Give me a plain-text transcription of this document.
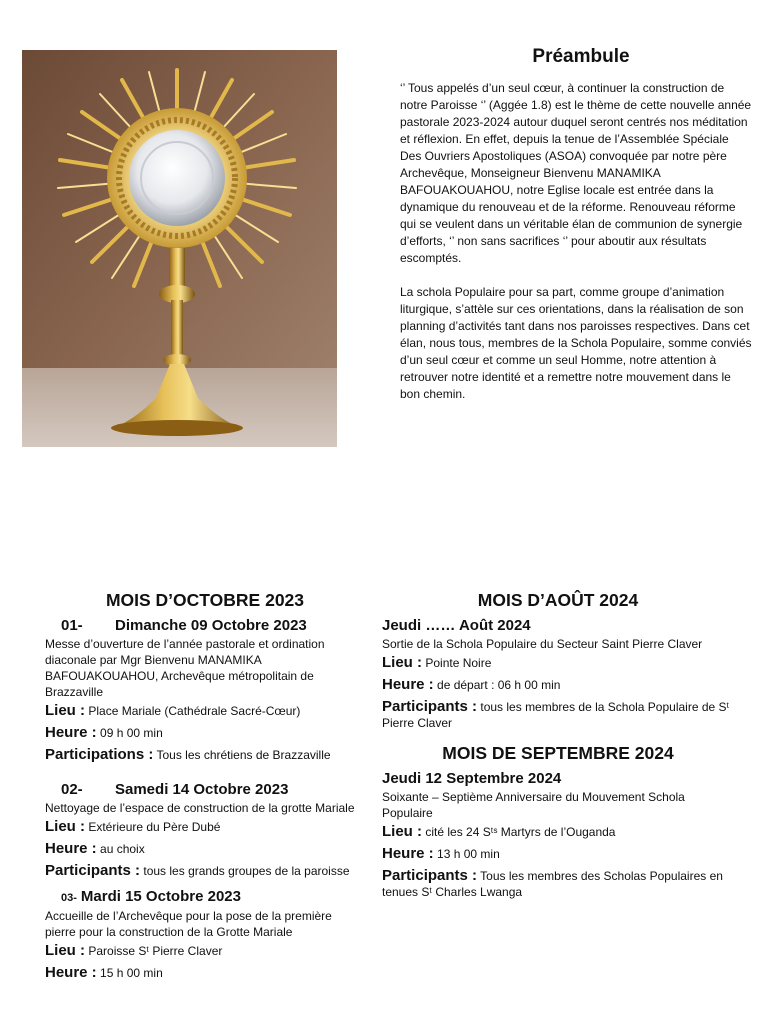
Préambule

‘’ Tous appelés d’un seul cœur, à continuer la construction de notre Paroisse ‘’ (Aggée 1.8) est le thème de cette nouvelle année pastorale 2023-2024 autour duquel seront centrés nos méditation et réflexion. En effet, depuis la tenue de l’Assemblée Spéciale Des Ouvriers Apostoliques (ASOA) convoquée par notre père Archevêque, Monseigneur Bienvenu MANAMIKA BAFOUAKOUAHOU, notre Eglise locale est entrée dans la dynamique du renouveau et de la réforme. Renouveau réforme qui se veulent dans un véritable élan de communion de synergie d’efforts, ‘’ non sans sacrifices ‘’ pour aboutir aux résultats escomptés.

La schola Populaire pour sa part, comme groupe d’animation liturgique, s’attèle sur ces orientations, dans la réalisation de son planning d’activités tant dans nos paroisses respectives. Dans cet élan, nous tous, membres de la Schola Populaire, somme conviés d’un seul cœur et comme un seul Homme, notre attention à retrouver notre identité et a remettre notre mouvement dans le bon chemin.

MOIS D’OCTOBRE 2023
01- Dimanche 09 Octobre 2023
Messe d’ouverture de l’année pastorale et ordination diaconale par Mgr Bienvenu MANAMIKA BAFOUAKOUAHOU, Archevêque métropolitain de Brazzaville
Lieu : Place Mariale (Cathédrale Sacré-Cœur)
Heure : 09 h 00 min
Participations : Tous les chrétiens de Brazzaville
02- Samedi 14 Octobre 2023
Nettoyage de l’espace de construction de la grotte Mariale
Lieu : Extérieure du Père Dubé
Heure : au choix
Participants : tous les grands groupes de la paroisse
03- Mardi 15 Octobre 2023
Accueille de l’Archevêque pour la pose de la première pierre pour la construction de la Grotte Mariale
Lieu : Paroisse Sᵗ Pierre Claver
Heure : 15 h 00 min
MOIS D’AOÛT 2024
Jeudi …… Août 2024
Sortie de la Schola Populaire du Secteur Saint Pierre Claver
Lieu : Pointe Noire
Heure : de départ : 06 h 00 min
Participants : tous les membres de la Schola Populaire de Sᵗ Pierre Claver
MOIS DE SEPTEMBRE 2024
Jeudi 12 Septembre 2024
Soixante – Septième Anniversaire du Mouvement Schola Populaire
Lieu : cité les 24 Sᵗˢ Martyrs de l’Ouganda
Heure : 13 h 00 min
Participants : Tous les membres des Scholas Populaires en tenues Sᵗ Charles Lwanga
